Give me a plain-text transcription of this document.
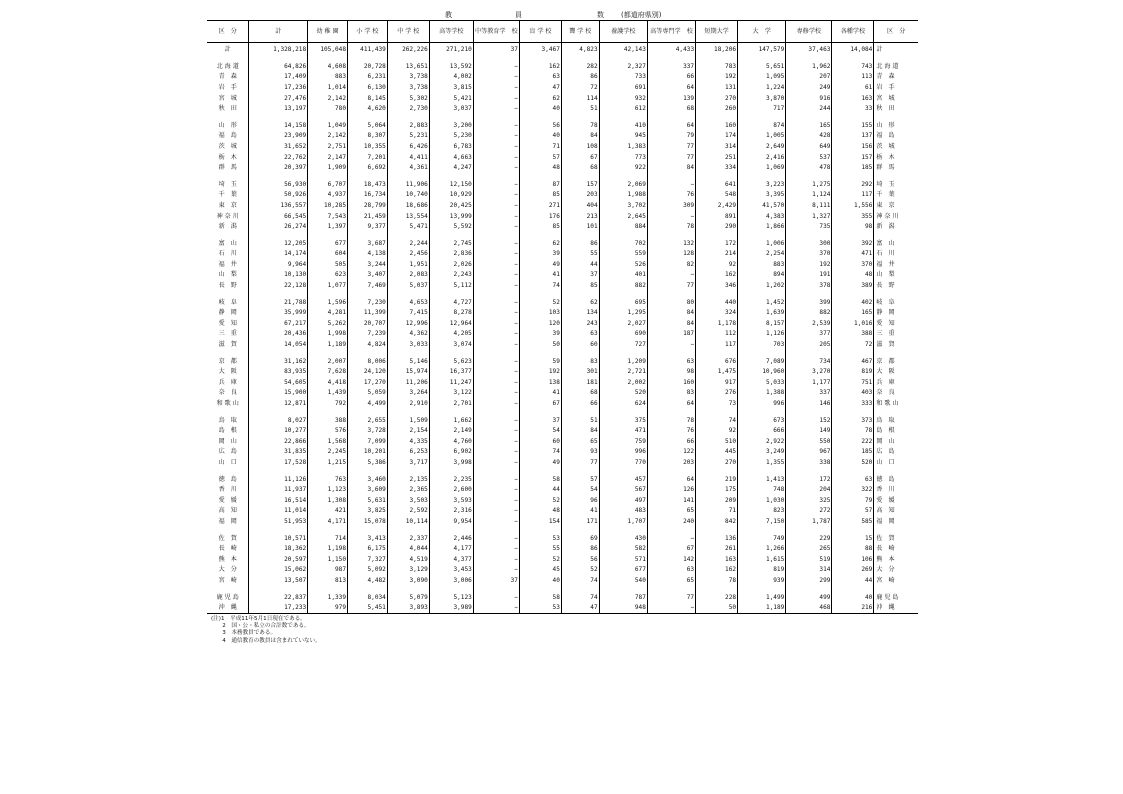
教	員	数 (都道府県別)
区　分	計	幼 稚 園	小 学 校	中 学 校	高等学校	中等教育学　校	盲 学 校	聾 学 校	養護学校	高等専門学　校	短期大学	大　学	専修学校	各種学校	区　分
計	1,328,218	105,048	411,439	262,226	271,210	37	3,467	4,823	42,143	4,433	18,206	147,579	37,463	14,084	計

北 海 道	64,826	4,608	20,728	13,651	13,592	−	162	282	2,327	337	783	5,651	1,962	743	北 海 道
青　森	17,409	883	6,231	3,738	4,002	−	63	86	733	66	192	1,095	207	113	青　森
岩　手	17,236	1,014	6,130	3,738	3,815	−	47	72	691	64	131	1,224	249	61	岩　手
宮　城	27,476	2,142	8,145	5,302	5,421	−	62	114	932	139	270	3,870	916	163	宮　城
秋　田	13,197	780	4,620	2,730	3,037	−	40	51	612	68	260	717	244	33	秋　田

山　形	14,158	1,049	5,064	2,883	3,200	−	56	78	410	64	160	874	165	155	山　形
福　島	23,909	2,142	8,307	5,231	5,230	−	40	84	945	79	174	1,005	428	137	福　島
茨　城	31,652	2,751	10,355	6,426	6,783	−	71	108	1,383	77	314	2,649	649	156	茨　城
栃　木	22,762	2,147	7,201	4,411	4,663	−	57	67	773	77	251	2,416	537	157	栃　木
群　馬	20,397	1,909	6,692	4,361	4,247	−	48	68	922	84	334	1,069	478	185	群　馬

埼　玉	56,930	6,707	18,473	11,906	12,150	−	87	157	2,069	−	641	3,223	1,275	292	埼　玉
千　葉	50,926	4,937	16,734	10,740	10,929	−	85	203	1,988	76	548	3,395	1,124	117	千　葉
東　京	136,557	10,285	28,799	18,686	20,425	−	271	404	3,702	309	2,429	41,570	8,111	1,556	東　京
神 奈 川	66,545	7,543	21,459	13,554	13,999	−	176	213	2,645	−	891	4,383	1,327	355	神 奈 川
新　潟	26,274	1,397	9,377	5,471	5,592	−	85	101	884	78	290	1,866	735	98	新　潟

富　山	12,205	677	3,687	2,244	2,745	−	62	86	702	132	172	1,006	300	392	富　山
石　川	14,174	604	4,138	2,456	2,836	−	39	55	559	128	214	2,254	370	471	石　川
福　井	9,964	505	3,244	1,951	2,026	−	49	44	526	82	92	883	192	370	福　井
山　梨	10,130	623	3,407	2,083	2,243	−	41	37	401	−	162	894	191	48	山　梨
長　野	22,128	1,077	7,469	5,037	5,112	−	74	85	882	77	346	1,202	378	389	長　野

岐　阜	21,788	1,596	7,230	4,653	4,727	−	52	62	695	80	440	1,452	399	402	岐　阜
静　岡	35,999	4,281	11,399	7,415	8,278	−	103	134	1,295	84	324	1,639	882	165	静　岡
愛　知	67,217	5,262	20,707	12,996	12,964	−	120	243	2,027	84	1,178	8,157	2,539	1,016	愛　知
三　重	20,436	1,998	7,239	4,362	4,205	−	39	63	690	187	112	1,126	377	388	三　重
滋　賀	14,054	1,189	4,824	3,033	3,074	−	50	60	727	−	117	703	205	72	滋　賀

京　都	31,162	2,007	8,006	5,146	5,623	−	59	83	1,209	63	676	7,089	734	467	京　都
大　阪	83,935	7,628	24,120	15,974	16,377	−	192	301	2,721	98	1,475	10,960	3,270	819	大　阪
兵　庫	54,605	4,418	17,270	11,206	11,247	−	138	181	2,002	160	917	5,033	1,177	751	兵　庫
奈　良	15,900	1,439	5,059	3,264	3,122	−	41	68	520	83	276	1,388	337	403	奈　良
和 歌 山	12,871	792	4,499	2,910	2,701	−	67	66	624	64	73	996	146	333	和 歌 山

鳥　取	8,027	388	2,655	1,509	1,662	−	37	51	375	78	74	673	152	373	鳥　取
島　根	10,277	576	3,728	2,154	2,149	−	54	84	471	76	92	666	149	78	島　根
岡　山	22,866	1,568	7,099	4,335	4,760	−	60	65	759	66	510	2,922	550	222	岡　山
広　島	31,835	2,245	10,201	6,253	6,902	−	74	93	996	122	445	3,249	967	185	広　島
山　口	17,528	1,215	5,386	3,717	3,998	−	49	77	770	203	270	1,355	338	520	山　口

徳　島	11,126	763	3,460	2,135	2,235	−	58	57	457	64	219	1,413	172	63	徳　島
香　川	11,937	1,123	3,609	2,365	2,600	−	44	54	567	126	175	748	204	322	香　川
愛　媛	16,514	1,308	5,631	3,503	3,593	−	52	96	497	141	209	1,030	325	79	愛　媛
高　知	11,014	421	3,825	2,592	2,316	−	48	41	483	65	71	823	272	57	高　知
福　岡	51,953	4,171	15,078	10,114	9,954	−	154	171	1,707	240	842	7,150	1,787	585	福　岡

佐　賀	10,571	714	3,413	2,337	2,446	−	53	69	430	−	136	749	229	15	佐　賀
長　崎	18,362	1,198	6,175	4,044	4,177	−	55	86	582	67	261	1,266	265	88	長　崎
熊　本	20,597	1,150	7,327	4,519	4,377	−	52	56	571	142	163	1,615	519	106	熊　本
大　分	15,062	987	5,092	3,129	3,453	−	45	52	677	63	162	819	314	269	大　分
宮　崎	13,507	813	4,482	3,090	3,006	37	40	74	540	65	78	939	299	44	宮　崎

鹿 児 島	22,837	1,339	8,034	5,079	5,123	−	58	74	787	77	228	1,499	499	40	鹿 児 島
沖　縄	17,233	979	5,451	3,893	3,989	−	53	47	948	−	50	1,189	468	216	沖　縄
(注)1　平成11年5月1日現在である。
　　2　国・公・私立の合計数である。
　　3　本務教員である。
　　4　通信教育の教員は含まれていない。
